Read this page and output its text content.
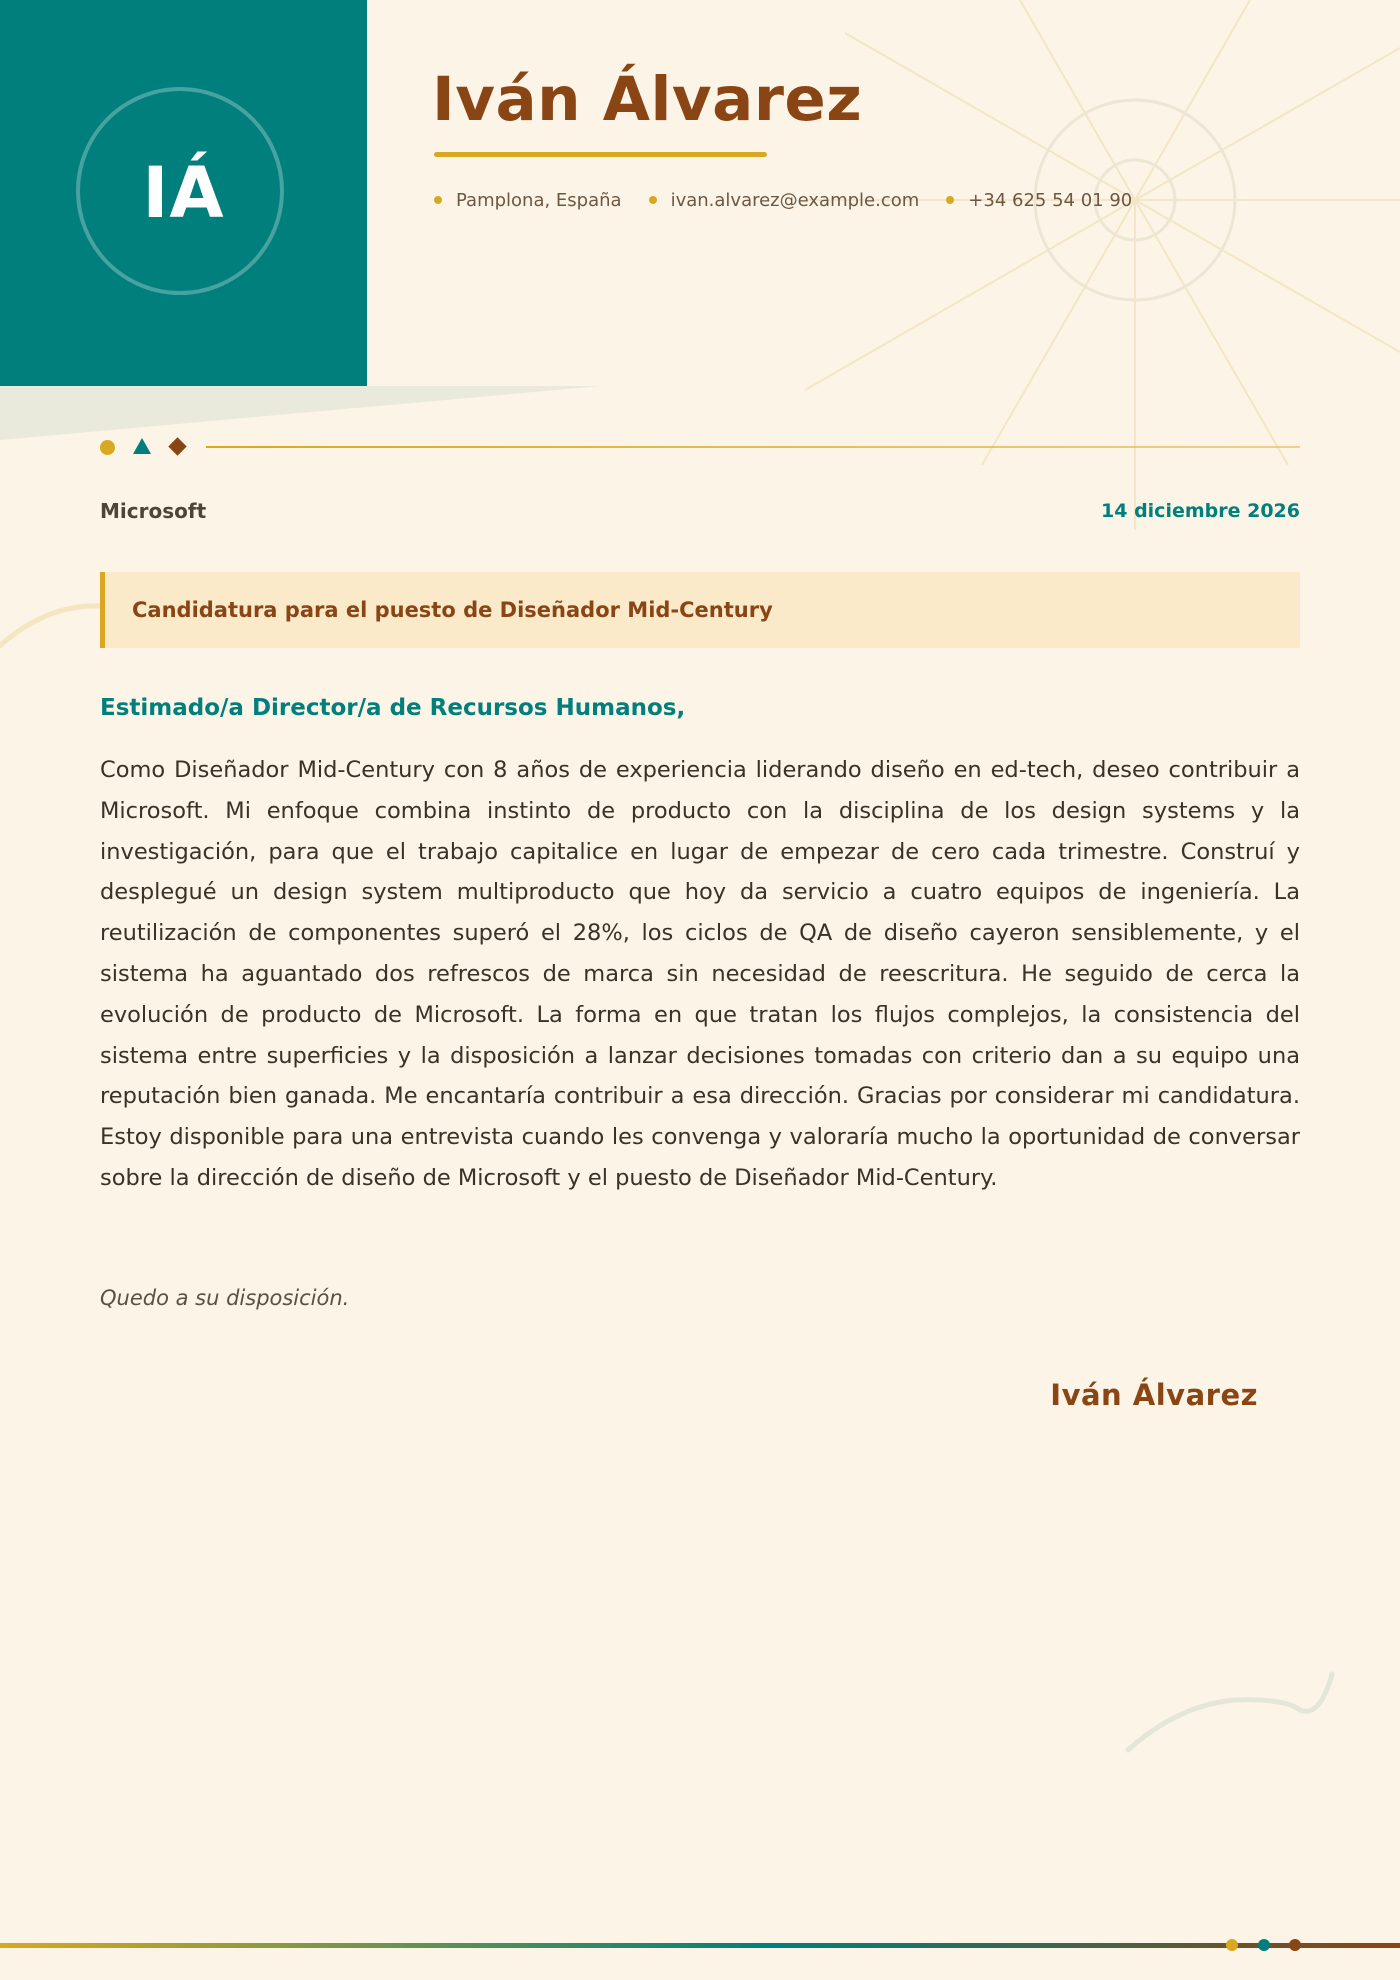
IÁ
Iván Álvarez
Pamplona, España	ivan.alvarez@example.com	+34 625 54 01 90
Microsoft	14 diciembre 2026
Candidatura para el puesto de Diseñador Mid-Century
Estimado/a Director/a de Recursos Humanos,

Como Diseñador Mid-Century con 8 años de experiencia liderando diseño en ed-tech, deseo contribuir a Microsoft. Mi enfoque combina instinto de producto con la disciplina de los design systems y la investigación, para que el trabajo capitalice en lugar de empezar de cero cada trimestre. Construí y desplegué un design system multiproducto que hoy da servicio a cuatro equipos de ingeniería. La reutilización de componentes superó el 28%, los ciclos de QA de diseño cayeron sensiblemente, y el sistema ha aguantado dos refrescos de marca sin necesidad de reescritura. He seguido de cerca la evolución de producto de Microsoft. La forma en que tratan los flujos complejos, la consistencia del sistema entre superficies y la disposición a lanzar decisiones tomadas con criterio dan a su equipo una reputación bien ganada. Me encantaría contribuir a esa dirección. Gracias por considerar mi candidatura. Estoy disponible para una entrevista cuando les convenga y valoraría mucho la oportunidad de conversar sobre la dirección de diseño de Microsoft y el puesto de Diseñador Mid-Century.

Quedo a su disposición.
Iván Álvarez
